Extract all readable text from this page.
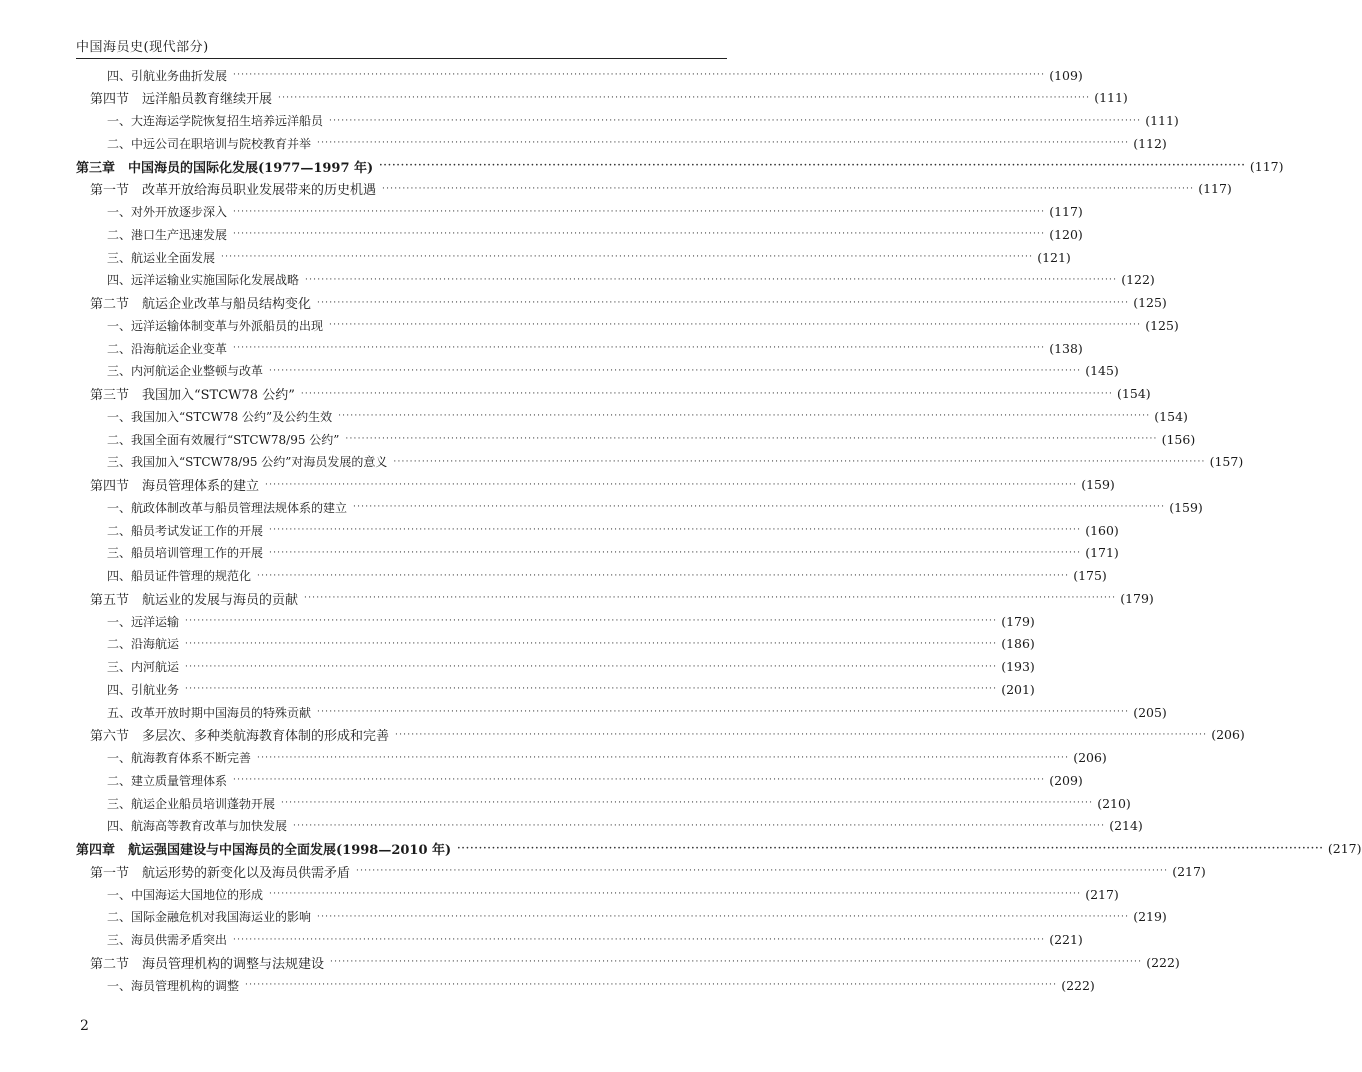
中国海员史(现代部分)
四、引航业务曲折发展 ········································································································································································································ (109)
第四节　远洋船员教育继续开展 ········································································································································································································ (111)
一、大连海运学院恢复招生培养远洋船员 ········································································································································································································ (111)
二、中远公司在职培训与院校教育并举 ········································································································································································································ (112)
第三章　中国海员的国际化发展(1977—1997 年) ········································································································································································································ (117)
第一节　改革开放给海员职业发展带来的历史机遇 ········································································································································································································ (117)
一、对外开放逐步深入 ········································································································································································································ (117)
二、港口生产迅速发展 ········································································································································································································ (120)
三、航运业全面发展 ········································································································································································································ (121)
四、远洋运输业实施国际化发展战略 ········································································································································································································ (122)
第二节　航运企业改革与船员结构变化 ········································································································································································································ (125)
一、远洋运输体制变革与外派船员的出现 ········································································································································································································ (125)
二、沿海航运企业变革 ········································································································································································································ (138)
三、内河航运企业整顿与改革 ········································································································································································································ (145)
第三节　我国加入“STCW78 公约” ········································································································································································································ (154)
一、我国加入“STCW78 公约”及公约生效 ········································································································································································································ (154)
二、我国全面有效履行“STCW78/95 公约” ········································································································································································································ (156)
三、我国加入“STCW78/95 公约”对海员发展的意义 ········································································································································································································ (157)
第四节　海员管理体系的建立 ········································································································································································································ (159)
一、航政体制改革与船员管理法规体系的建立 ········································································································································································································ (159)
二、船员考试发证工作的开展 ········································································································································································································ (160)
三、船员培训管理工作的开展 ········································································································································································································ (171)
四、船员证件管理的规范化 ········································································································································································································ (175)
第五节　航运业的发展与海员的贡献 ········································································································································································································ (179)
一、远洋运输 ········································································································································································································ (179)
二、沿海航运 ········································································································································································································ (186)
三、内河航运 ········································································································································································································ (193)
四、引航业务 ········································································································································································································ (201)
五、改革开放时期中国海员的特殊贡献 ········································································································································································································ (205)
第六节　多层次、多种类航海教育体制的形成和完善 ········································································································································································································ (206)
一、航海教育体系不断完善 ········································································································································································································ (206)
二、建立质量管理体系 ········································································································································································································ (209)
三、航运企业船员培训蓬勃开展 ········································································································································································································ (210)
四、航海高等教育改革与加快发展 ········································································································································································································ (214)
第四章　航运强国建设与中国海员的全面发展(1998—2010 年) ········································································································································································································ (217)
第一节　航运形势的新变化以及海员供需矛盾 ········································································································································································································ (217)
一、中国海运大国地位的形成 ········································································································································································································ (217)
二、国际金融危机对我国海运业的影响 ········································································································································································································ (219)
三、海员供需矛盾突出 ········································································································································································································ (221)
第二节　海员管理机构的调整与法规建设 ········································································································································································································ (222)
一、海员管理机构的调整 ········································································································································································································ (222)
2
